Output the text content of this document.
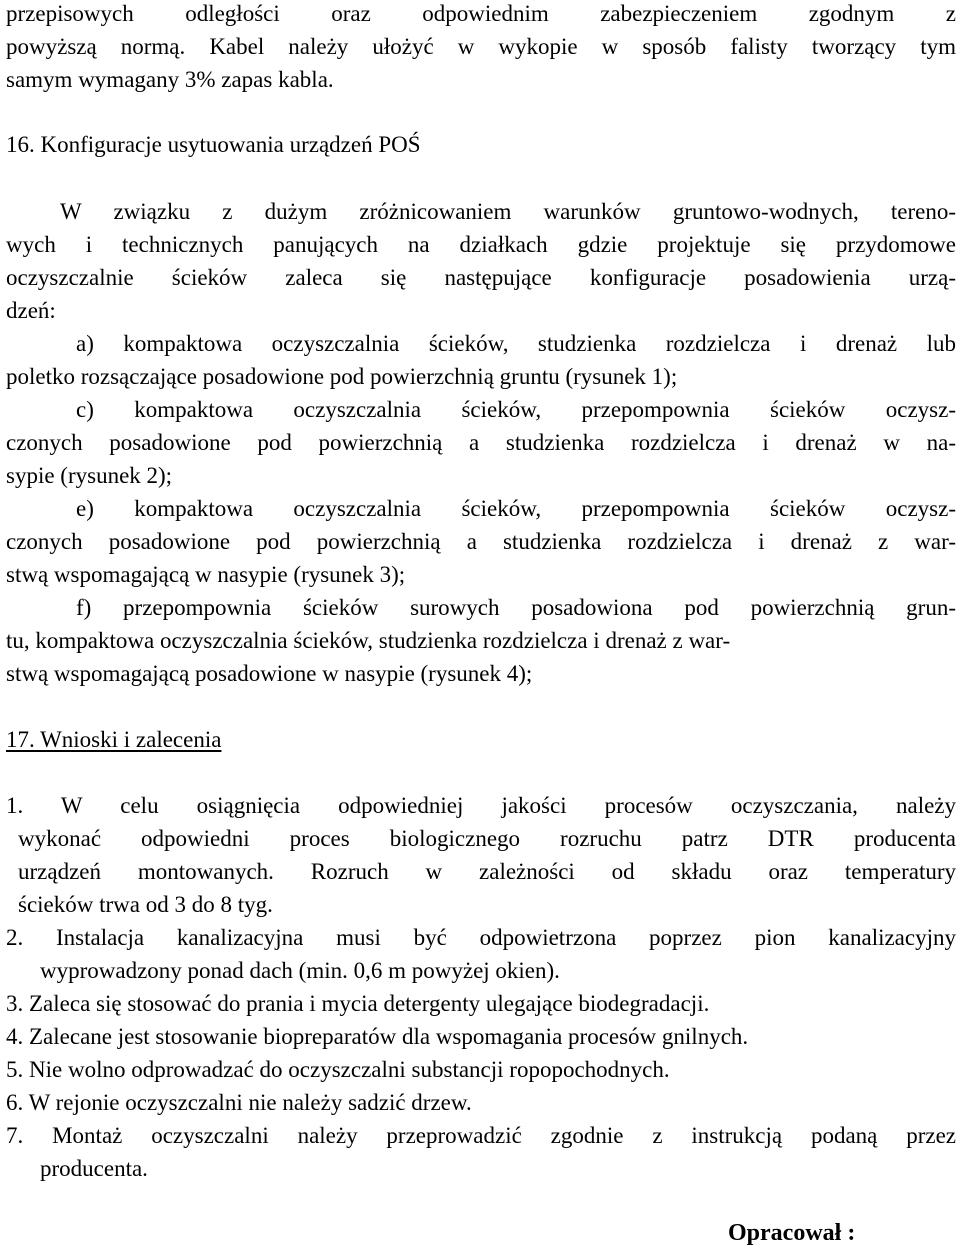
przepisowych odległości oraz odpowiednim zabezpieczeniem zgodnym z
powyższą normą. Kabel należy ułożyć w wykopie w sposób falisty tworzący tym
samym wymagany 3% zapas kabla.
16. Konfiguracje usytuowania urządzeń POŚ
W związku z dużym zróżnicowaniem warunków gruntowo-wodnych, tereno-
wych i technicznych panujących na działkach gdzie projektuje się przydomowe
oczyszczalnie ścieków zaleca się następujące konfiguracje posadowienia urzą-
dzeń:
a) kompaktowa oczyszczalnia ścieków, studzienka rozdzielcza i drenaż lub
poletko rozsączające posadowione pod powierzchnią gruntu (rysunek 1);
c) kompaktowa oczyszczalnia ścieków, przepompownia ścieków oczysz-
czonych posadowione pod powierzchnią a studzienka rozdzielcza i drenaż w na-
sypie (rysunek 2);
e) kompaktowa oczyszczalnia ścieków, przepompownia ścieków oczysz-
czonych posadowione pod powierzchnią a studzienka rozdzielcza i drenaż z war-
stwą wspomagającą w nasypie (rysunek 3);
f) przepompownia ścieków surowych posadowiona pod powierzchnią grun-
tu, kompaktowa oczyszczalnia ścieków, studzienka rozdzielcza i drenaż z war-
stwą wspomagającą posadowione w nasypie (rysunek 4);
17. Wnioski i zalecenia
1. W celu osiągnięcia odpowiedniej jakości procesów oczyszczania, należy
wykonać odpowiedni proces biologicznego rozruchu patrz DTR producenta
urządzeń montowanych. Rozruch w zależności od składu oraz temperatury
ścieków trwa od 3 do 8 tyg.
2. Instalacja kanalizacyjna musi być odpowietrzona poprzez pion kanalizacyjny
wyprowadzony ponad dach (min. 0,6 m powyżej okien).
3. Zaleca się stosować do prania i mycia detergenty ulegające biodegradacji.
4. Zalecane jest stosowanie biopreparatów dla wspomagania procesów gnilnych.
5. Nie wolno odprowadzać do oczyszczalni substancji ropopochodnych.
6. W rejonie oczyszczalni nie należy sadzić drzew.
7. Montaż oczyszczalni należy przeprowadzić zgodnie z instrukcją podaną przez
producenta.
Opracował :
